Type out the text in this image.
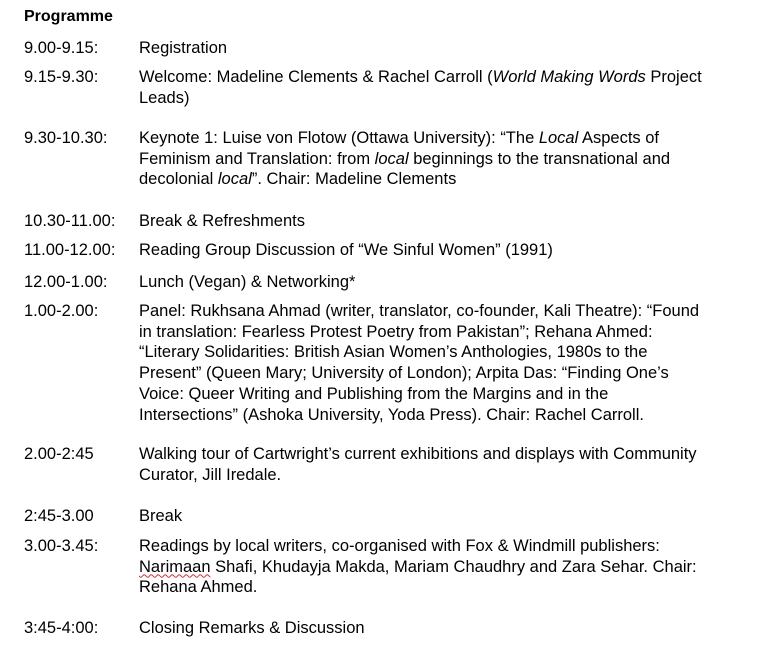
Programme
9.00-9.15: Registration
9.15-9.30: Welcome: Madeline Clements & Rachel Carroll (World Making Words Project
Leads)
9.30-10.30: Keynote 1: Luise von Flotow (Ottawa University): “The Local Aspects of
Feminism and Translation: from local beginnings to the transnational and
decolonial local”. Chair: Madeline Clements
10.30-11.00: Break & Refreshments
11.00-12.00: Reading Group Discussion of “We Sinful Women” (1991)
12.00-1.00: Lunch (Vegan) & Networking*
1.00-2.00: Panel: Rukhsana Ahmad (writer, translator, co-founder, Kali Theatre): “Found
in translation: Fearless Protest Poetry from Pakistan”; Rehana Ahmed:
“Literary Solidarities: British Asian Women’s Anthologies, 1980s to the
Present” (Queen Mary; University of London); Arpita Das: “Finding One’s
Voice: Queer Writing and Publishing from the Margins and in the
Intersections” (Ashoka University, Yoda Press). Chair: Rachel Carroll.
2.00-2:45	Walking tour of Cartwright’s current exhibitions and displays with Community
Curator, Jill Iredale.
2:45-3.00	Break
3.00-3.45: Readings by local writers, co-organised with Fox & Windmill publishers:
Narimaan Shafi, Khudayja Makda, Mariam Chaudhry and Zara Sehar. Chair:
Rehana Ahmed.
3:45-4:00: Closing Remarks & Discussion
